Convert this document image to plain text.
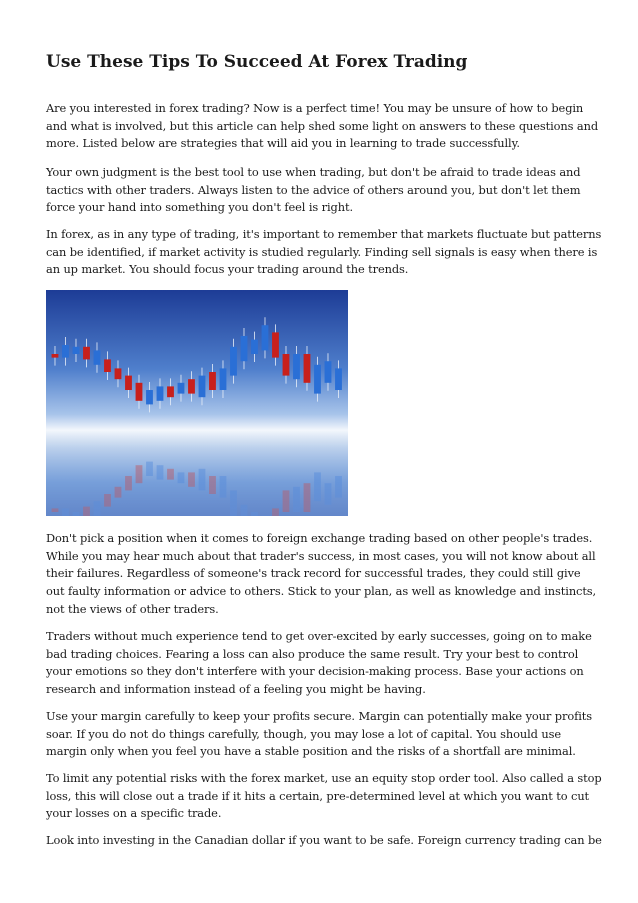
Use These Tips To Succeed At Forex Trading

Are you interested in forex trading? Now is a perfect time! You may be unsure of how to begin and what is involved, but this article can help shed some light on answers to these questions and more. Listed below are strategies that will aid you in learning to trade successfully.

Your own judgment is the best tool to use when trading, but don't be afraid to trade ideas and tactics with other traders. Always listen to the advice of others around you, but don't let them force your hand into something you don't feel is right.

In forex, as in any type of trading, it's important to remember that markets fluctuate but patterns can be identified, if market activity is studied regularly. Finding sell signals is easy when there is an up market. You should focus your trading around the trends.

Don't pick a position when it comes to foreign exchange trading based on other people's trades. While you may hear much about that trader's success, in most cases, you will not know about all their failures. Regardless of someone's track record for successful trades, they could still give out faulty information or advice to others. Stick to your plan, as well as knowledge and instincts, not the views of other traders.

Traders without much experience tend to get over-excited by early successes, going on to make bad trading choices. Fearing a loss can also produce the same result. Try your best to control your emotions so they don't interfere with your decision-making process. Base your actions on research and information instead of a feeling you might be having.

Use your margin carefully to keep your profits secure. Margin can potentially make your profits soar. If you do not do things carefully, though, you may lose a lot of capital. You should use margin only when you feel you have a stable position and the risks of a shortfall are minimal.

To limit any potential risks with the forex market, use an equity stop order tool. Also called a stop loss, this will close out a trade if it hits a certain, pre-determined level at which you want to cut your losses on a specific trade.

Look into investing in the Canadian dollar if you want to be safe. Foreign currency trading can be
